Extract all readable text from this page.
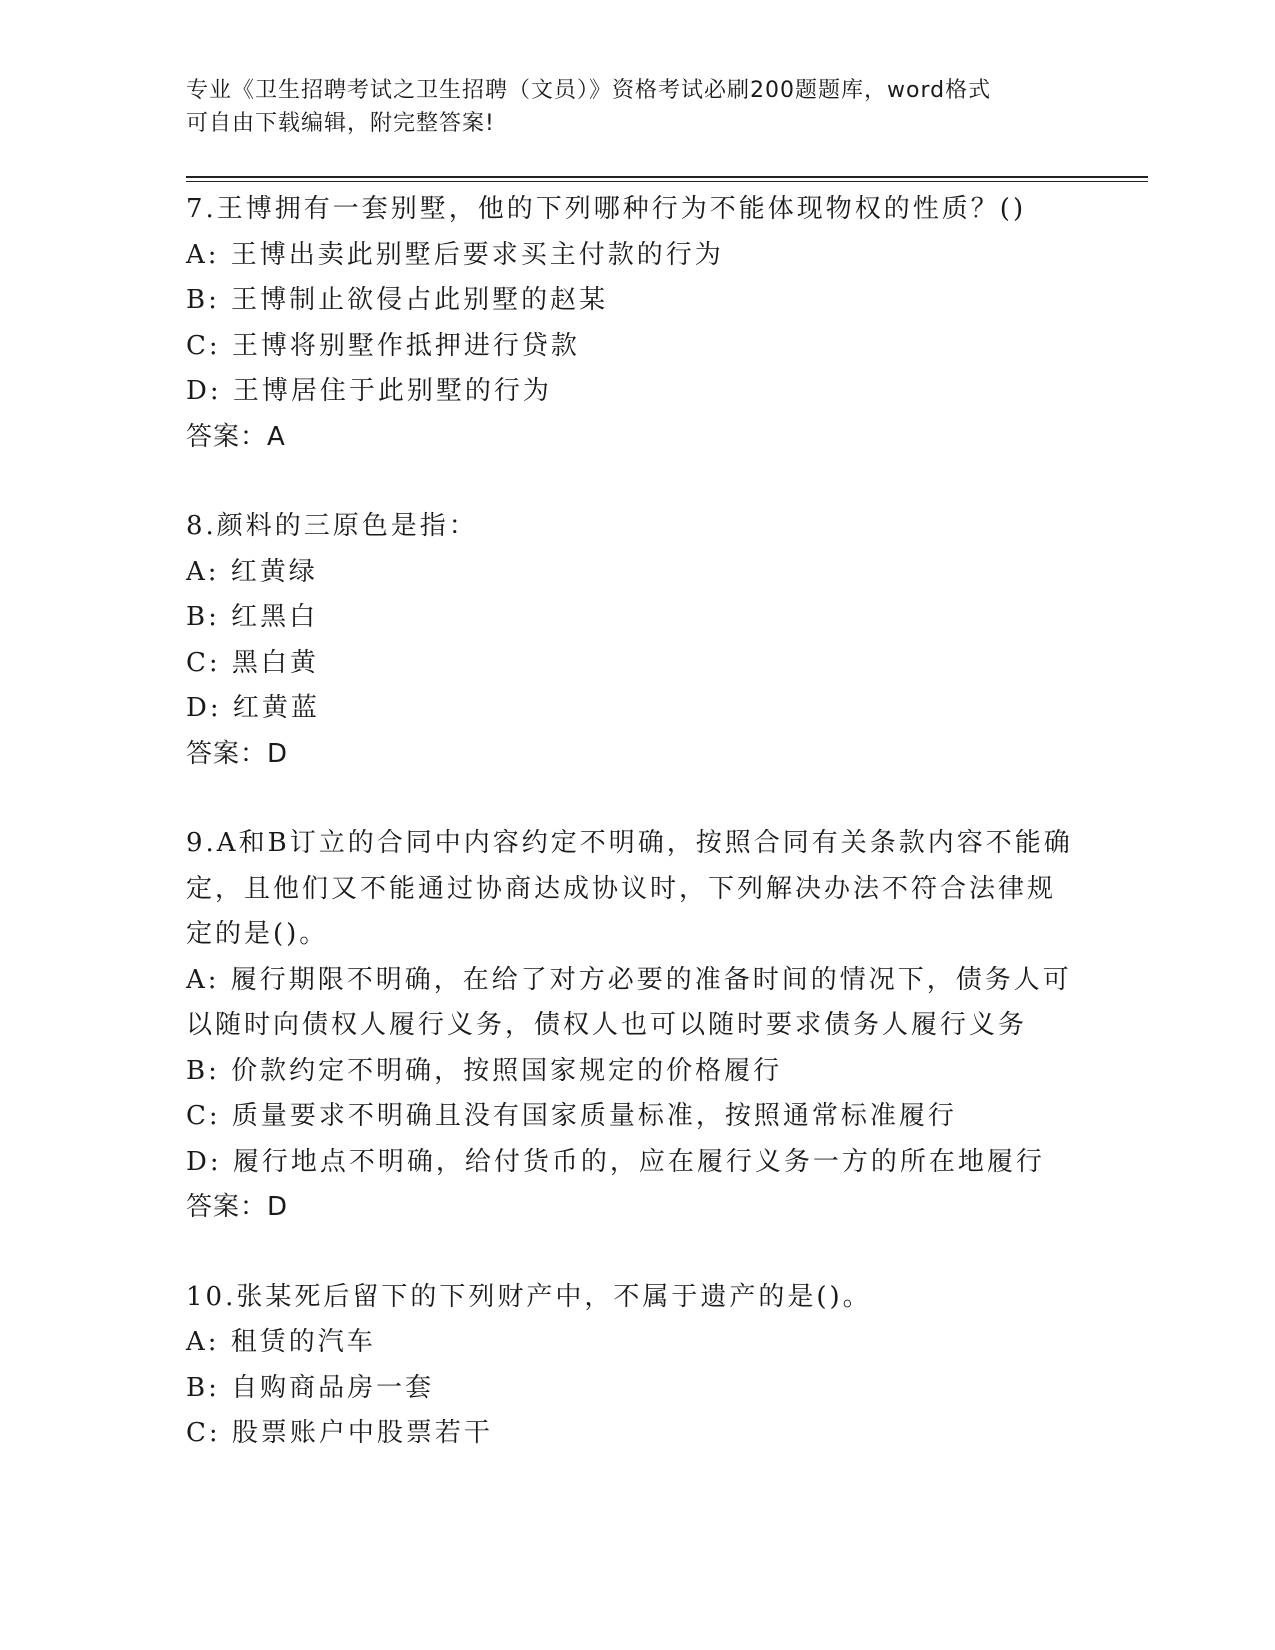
专业《卫生招聘考试之卫生招聘（文员）》资格考试必刷200题题库，word格式
可自由下载编辑，附完整答案!
7.王博拥有一套别墅，他的下列哪种行为不能体现物权的性质？()
A: 王博出卖此别墅后要求买主付款的行为
B: 王博制止欲侵占此别墅的赵某
C: 王博将别墅作抵押进行贷款
D: 王博居住于此别墅的行为
答案：A
8.颜料的三原色是指：
A: 红黄绿
B: 红黑白
C: 黑白黄
D: 红黄蓝
答案：D
9.A和B订立的合同中内容约定不明确，按照合同有关条款内容不能确
定，且他们又不能通过协商达成协议时，下列解决办法不符合法律规
定的是()。
A: 履行期限不明确，在给了对方必要的准备时间的情况下，债务人可
以随时向债权人履行义务，债权人也可以随时要求债务人履行义务
B: 价款约定不明确，按照国家规定的价格履行
C: 质量要求不明确且没有国家质量标准，按照通常标准履行
D: 履行地点不明确，给付货币的，应在履行义务一方的所在地履行
答案：D
10.张某死后留下的下列财产中，不属于遗产的是()。
A: 租赁的汽车
B: 自购商品房一套
C: 股票账户中股票若干
